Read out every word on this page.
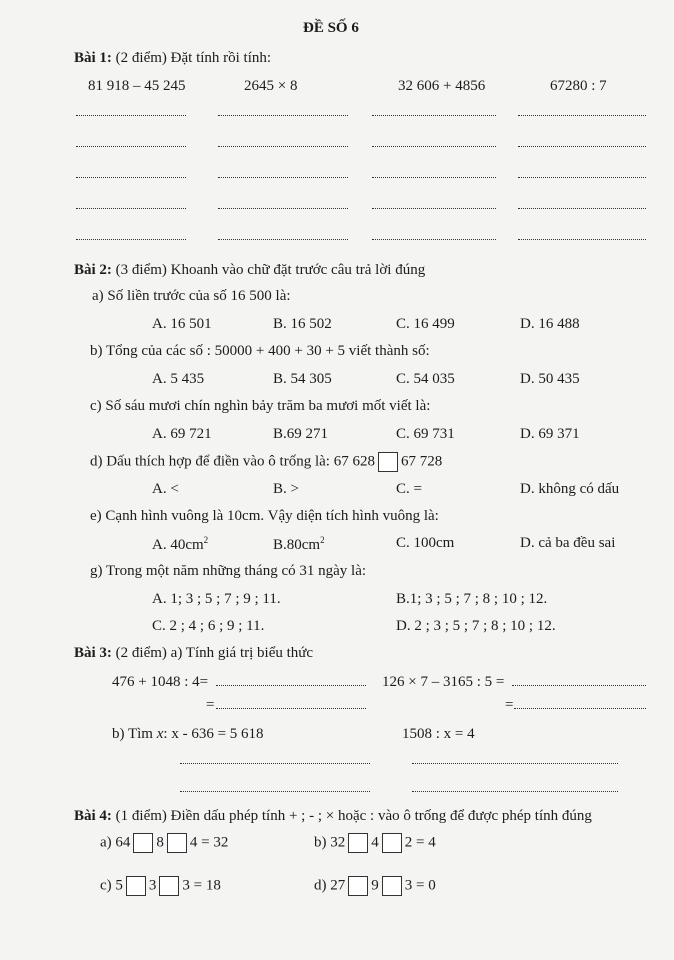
ĐỀ SỐ 6
Bài 1: (2 điểm) Đặt tính rồi tính:
81 918 – 45 245	2645 × 8	32 606 + 4856	67280 : 7
Bài 2: (3 điểm) Khoanh vào chữ đặt trước câu trả lời đúng
a) Số liền trước của số 16 500 là:
A. 16 501	B. 16 502	C. 16 499	D. 16 488
b) Tổng của các số : 50000 + 400 + 30 + 5 viết thành số:
A. 5 435	B. 54 305	C. 54 035	D. 50 435
c) Số sáu mươi chín nghìn bảy trăm ba mươi mốt viết là:
A. 69 721	B.69 271	C. 69 731	D. 69 371
d) Dấu thích hợp để điền vào ô trống là: 67 628 67 728
A. <	B. >	C. =	D. không có dấu
e) Cạnh hình vuông là 10cm. Vậy diện tích hình vuông là:
A. $40cm^2$	$B.80cm^2$	C. 100cm	D. cả ba đều sai
g) Trong một năm những tháng có 31 ngày là:
A. 1; 3 ; 5 ; 7 ; 9 ; 11.	B.1; 3 ; 5 ; 7 ; 8 ; 10 ; 12.
C. 2 ; 4 ; 6 ; 9 ; 11.	D. 2 ; 3 ; 5 ; 7 ; 8 ; 10 ; 12.
Bài 3: (2 điểm) a) Tính giá trị biểu thức
476 + 1048 : 4=	126 × 7 – 3165 : 5 =
=	=
b) Tìm x: x - 636 = 5 618	1508 : x = 4
Bài 4: (1 điểm) Điền dấu phép tính + ; - ; × hoặc : vào ô trống để được phép tính đúng
a) 64 8 4 = 32	b) 32 4 2 = 4
c) 5 3 3 = 18	d) 27 9 3 = 0
